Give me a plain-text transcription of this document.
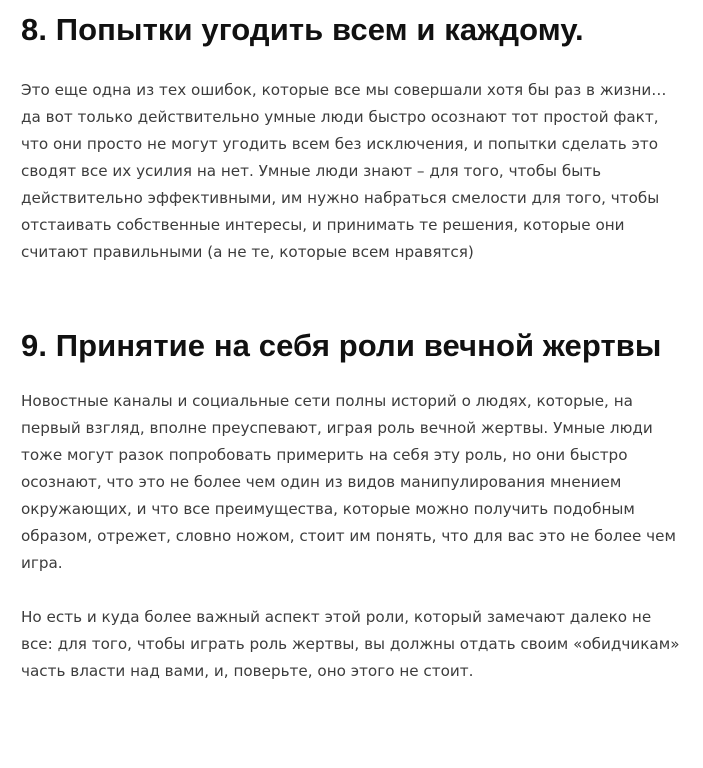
8. Попытки угодить всем и каждому.

Это еще одна из тех ошибок, которые все мы совершали хотя бы раз в жизни… да вот только действительно умные люди быстро осознают тот простой факт, что они просто не могут угодить всем без исключения, и попытки сделать это сводят все их усилия на нет. Умные люди знают – для того, чтобы быть действительно эффективными, им нужно набраться смелости для того, чтобы отстаивать собственные интересы, и принимать те решения, которые они считают правильными (а не те, которые всем нравятся)

9. Принятие на себя роли вечной жертвы

Новостные каналы и социальные сети полны историй о людях, которые, на первый взгляд, вполне преуспевают, играя роль вечной жертвы. Умные люди тоже могут разок попробовать примерить на себя эту роль, но они быстро осознают, что это не более чем один из видов манипулирования мнением окружающих, и что все преимущества, которые можно получить подобным образом, отрежет, словно ножом, стоит им понять, что для вас это не более чем игра.

Но есть и куда более важный аспект этой роли, который замечают далеко не все: для того, чтобы играть роль жертвы, вы должны отдать своим «обидчикам» часть власти над вами, и, поверьте, оно этого не стоит.
